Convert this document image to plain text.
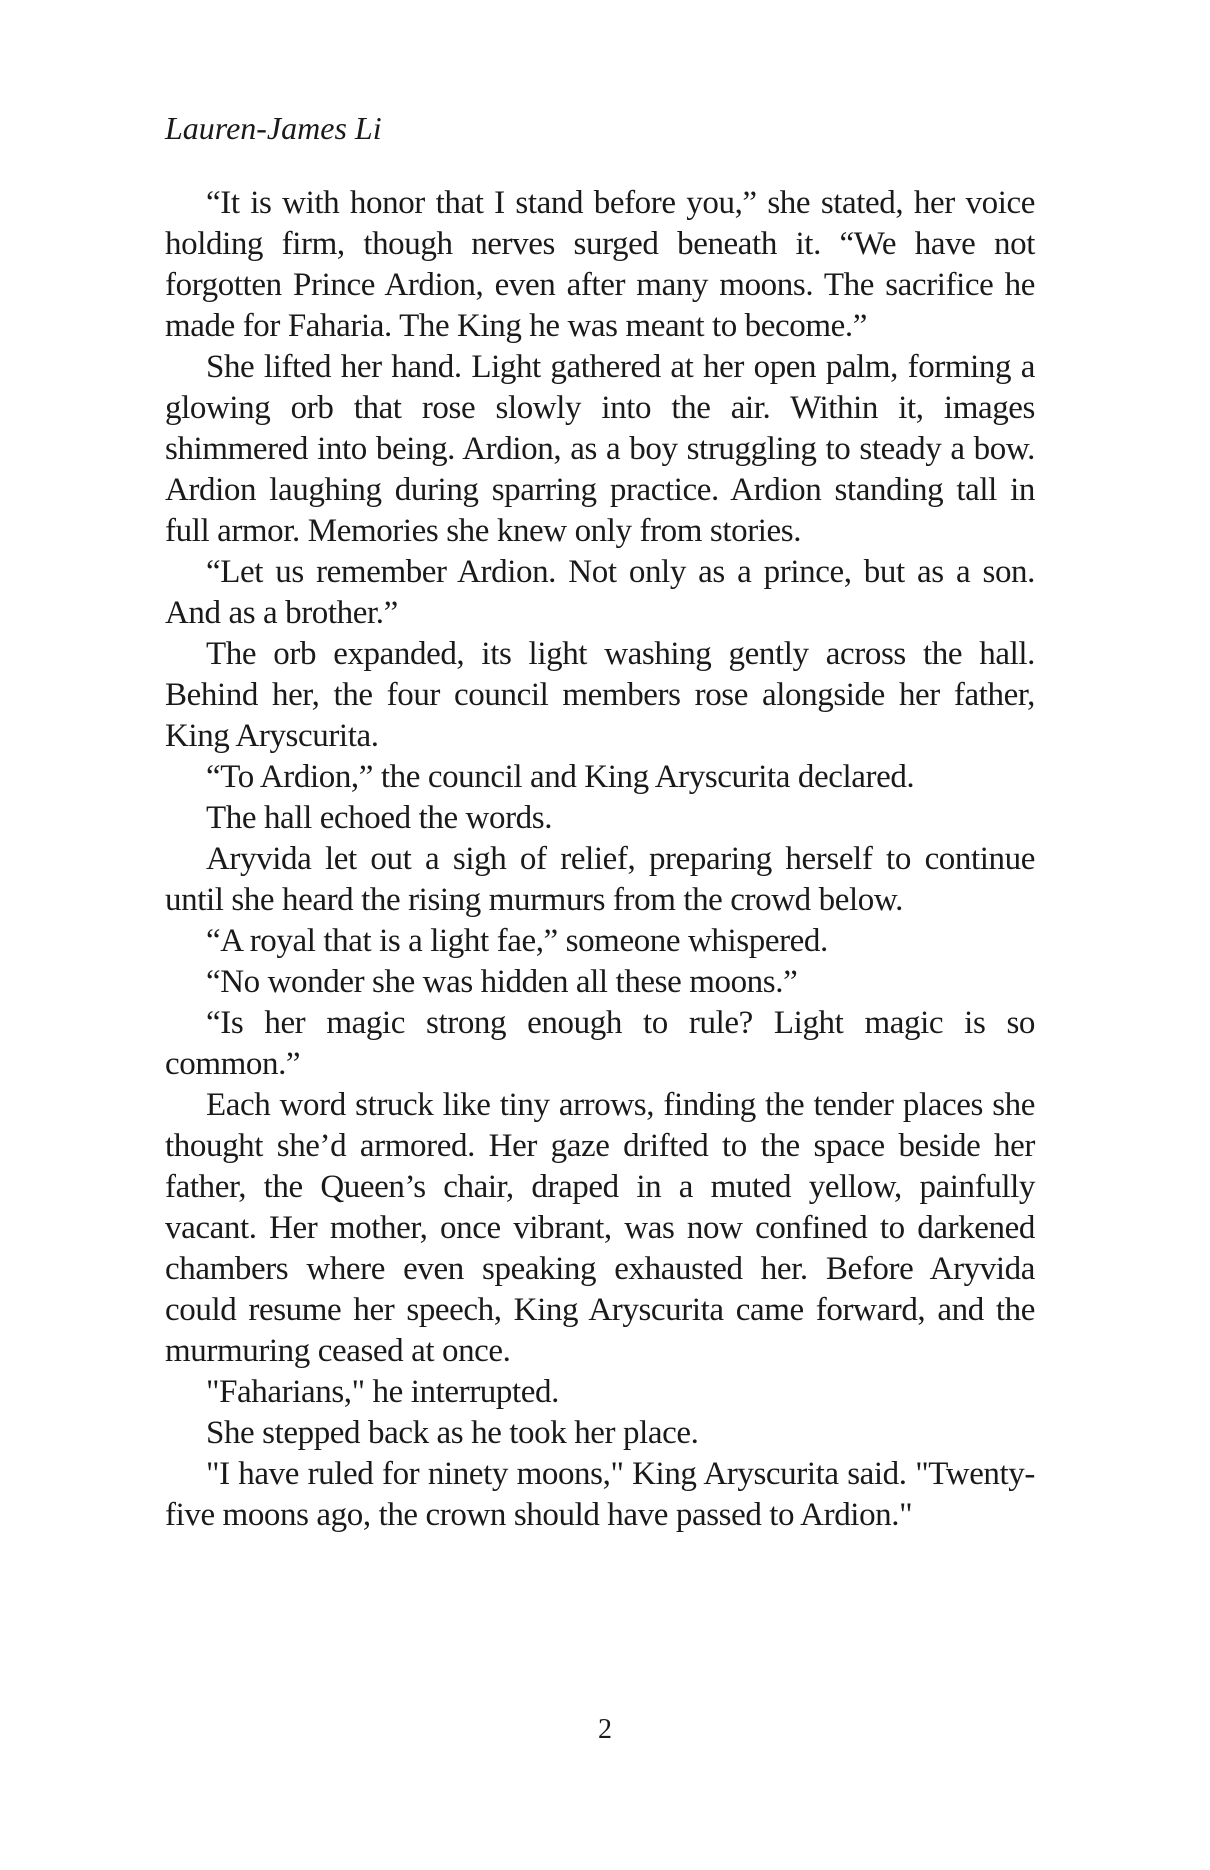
Lauren-James Li

“It is with honor that I stand before you,” she stated, her voice holding firm, though nerves surged beneath it. “We have not forgotten Prince Ardion, even after many moons. The sacrifice he made for Faharia. The King he was meant to become.”

She lifted her hand. Light gathered at her open palm, forming a glowing orb that rose slowly into the air. Within it, images shimmered into being. Ardion, as a boy struggling to steady a bow. Ardion laughing during sparring practice. Ardion standing tall in full armor. Memories she knew only from stories.

“Let us remember Ardion. Not only as a prince, but as a son. And as a brother.”

The orb expanded, its light washing gently across the hall. Behind her, the four council members rose alongside her father, King Aryscurita.

“To Ardion,” the council and King Aryscurita declared.

The hall echoed the words.

Aryvida let out a sigh of relief, preparing herself to continue until she heard the rising murmurs from the crowd below.

“A royal that is a light fae,” someone whispered.

“No wonder she was hidden all these moons.”

“Is her magic strong enough to rule? Light magic is so common.”

Each word struck like tiny arrows, finding the tender places she thought she’d armored. Her gaze drifted to the space beside her father, the Queen’s chair, draped in a muted yellow, painfully vacant. Her mother, once vibrant, was now confined to darkened chambers where even speaking exhausted her. Before Aryvida could resume her speech, King Aryscurita came forward, and the murmuring ceased at once.

"Faharians," he interrupted.

She stepped back as he took her place.

"I have ruled for ninety moons," King Aryscurita said. "Twenty-five moons ago, the crown should have passed to Ardion."

2
